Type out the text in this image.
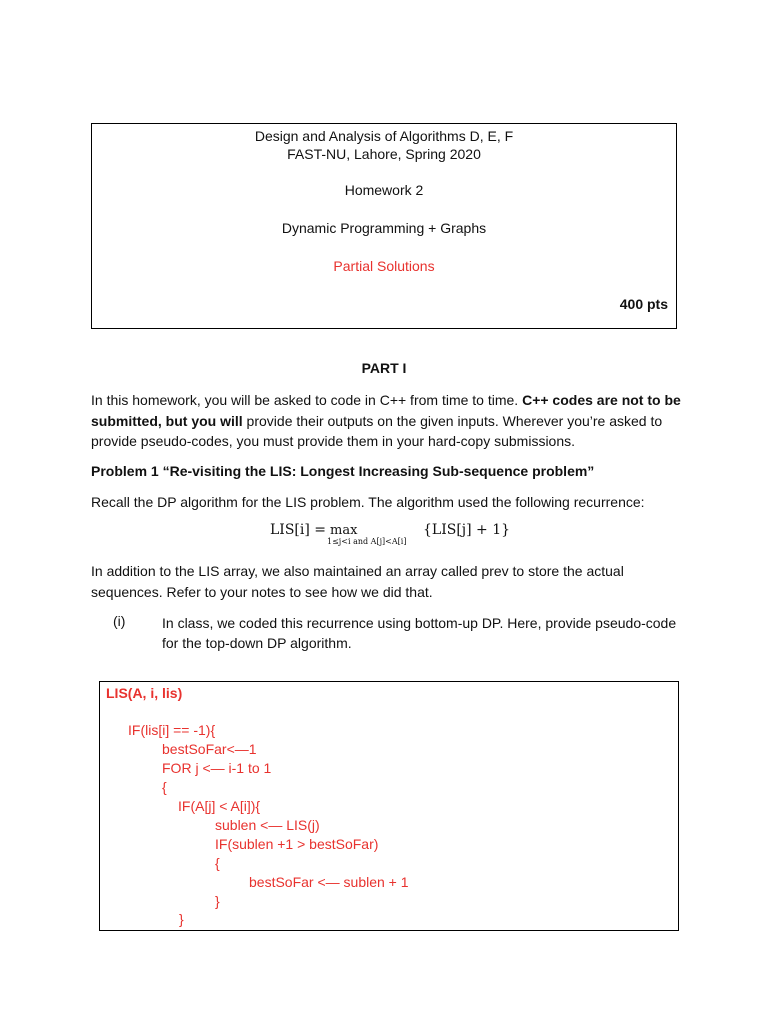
Design and Analysis of Algorithms D, E, F
FAST-NU, Lahore, Spring 2020
Homework 2
Dynamic Programming + Graphs
Partial Solutions
400 pts
PART I
In this homework, you will be asked to code in C++ from time to time. C++ codes are not to be submitted, but you will provide their outputs on the given inputs. Wherever you’re asked to provide pseudo-codes, you must provide them in your hard-copy submissions.
Problem 1 “Re-visiting the LIS: Longest Increasing Sub-sequence problem”
Recall the DP algorithm for the LIS problem. The algorithm used the following recurrence:
LIS[i] = max
1≤j<i and A[j]<A[i]
{LIS[j] + 1}
In addition to the LIS array, we also maintained an array called prev to store the actual sequences. Refer to your notes to see how we did that.
(i)	In class, we coded this recurrence using bottom-up DP. Here, provide pseudo-code for the top-down DP algorithm.
LIS(A, i, lis)
IF(lis[i] == -1){
bestSoFar<—1
FOR j <— i-1 to 1
{
IF(A[j] < A[i]){
sublen <— LIS(j)
IF(sublen +1 > bestSoFar)
{
bestSoFar <— sublen + 1
}
}
